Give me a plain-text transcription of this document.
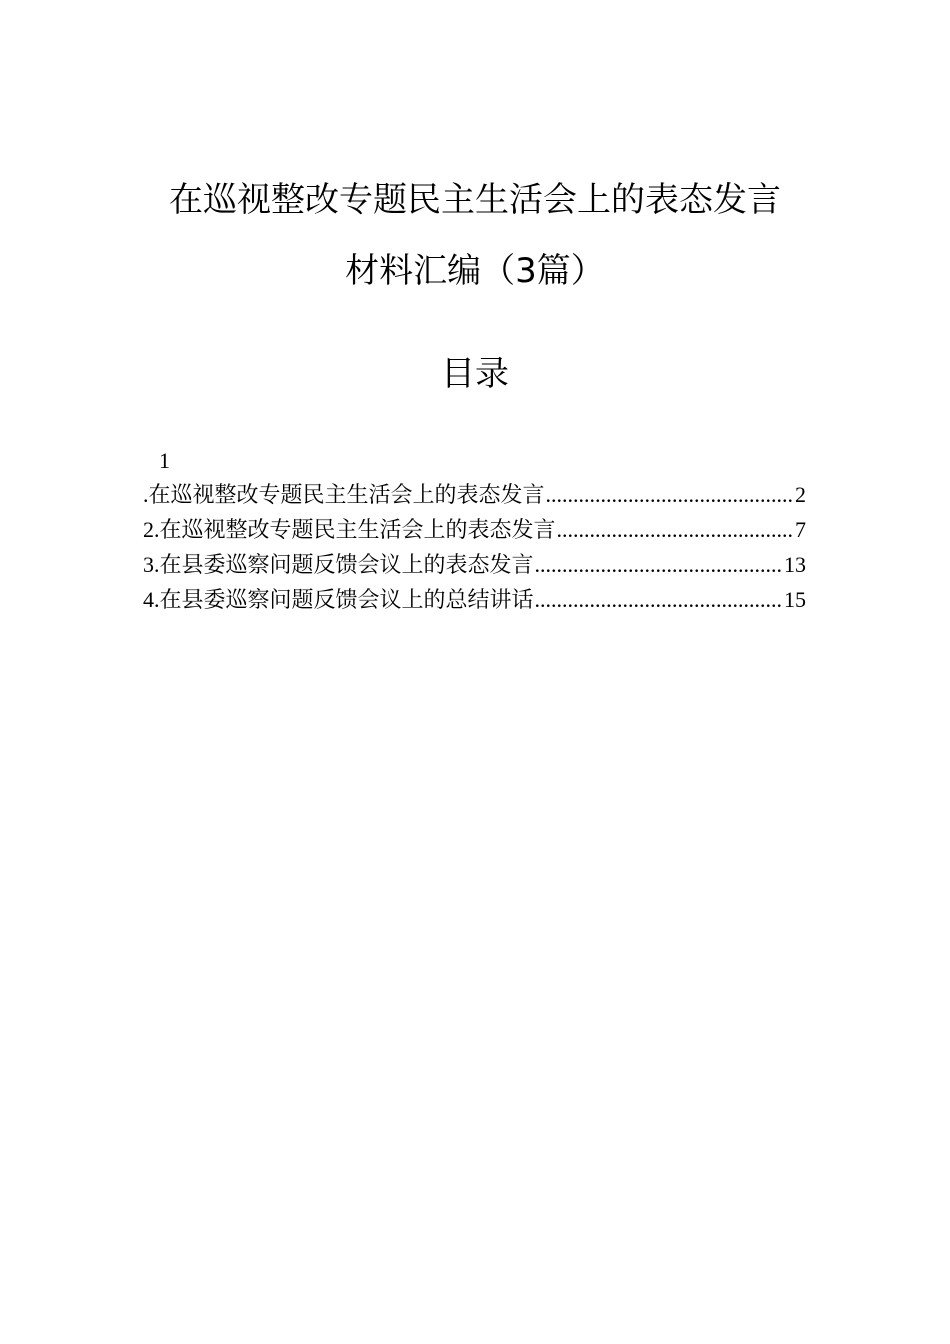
在巡视整改专题民主生活会上的表态发言
材料汇编（3篇）
目录
1
.在巡视整改专题民主生活会上的表态发言 .....	2
2.在巡视整改专题民主生活会上的表态发言 .....	7
3.在县委巡察问题反馈会议上的表态发言 .....	13
4.在县委巡察问题反馈会议上的总结讲话 .....	15
